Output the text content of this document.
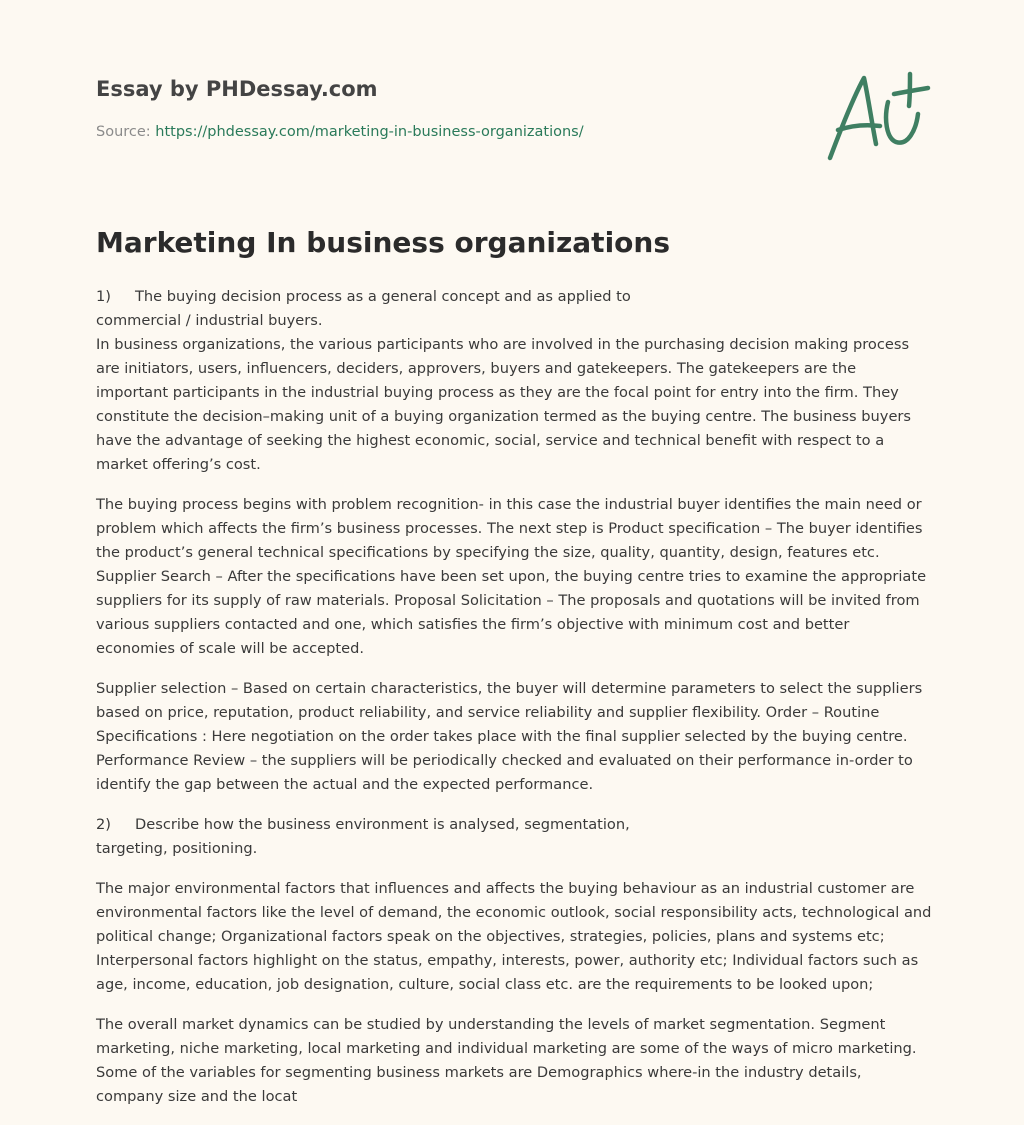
Essay by PHDessay.com
Source: https://phdessay.com/marketing-in-business-organizations/
A+
Marketing In business organizations

1) The buying decision process as a general concept and as applied to

commercial / industrial buyers.

In business organizations, the various participants who are involved in the purchasing decision making process are initiators, users, influencers, deciders, approvers, buyers and gatekeepers. The gatekeepers are the important participants in the industrial buying process as they are the focal point for entry into the firm. They constitute the decision–making unit of a buying organization termed as the buying centre. The business buyers have the advantage of seeking the highest economic, social, service and technical benefit with respect to a market offering’s cost.

The buying process begins with problem recognition- in this case the industrial buyer identifies the main need or problem which affects the firm’s business processes. The next step is Product specification – The buyer identifies the product’s general technical specifications by specifying the size, quality, quantity, design, features etc. Supplier Search – After the specifications have been set upon, the buying centre tries to examine the appropriate suppliers for its supply of raw materials. Proposal Solicitation – The proposals and quotations will be invited from various suppliers contacted and one, which satisfies the firm’s objective with minimum cost and better economies of scale will be accepted.

Supplier selection – Based on certain characteristics, the buyer will determine parameters to select the suppliers based on price, reputation, product reliability, and service reliability and supplier flexibility. Order – Routine Specifications : Here negotiation on the order takes place with the final supplier selected by the buying centre. Performance Review – the suppliers will be periodically checked and evaluated on their performance in-order to identify the gap between the actual and the expected performance.

2) Describe how the business environment is analysed, segmentation,

targeting, positioning.

The major environmental factors that influences and affects the buying behaviour as an industrial customer are environmental factors like the level of demand, the economic outlook, social responsibility acts, technological and political change; Organizational factors speak on the objectives, strategies, policies, plans and systems etc; Interpersonal factors highlight on the status, empathy, interests, power, authority etc; Individual factors such as age, income, education, job designation, culture, social class etc. are the requirements to be looked upon;

The overall market dynamics can be studied by understanding the levels of market segmentation. Segment marketing, niche marketing, local marketing and individual marketing are some of the ways of micro marketing. Some of the variables for segmenting business markets are Demographics where-in the industry details, company size and the locat
